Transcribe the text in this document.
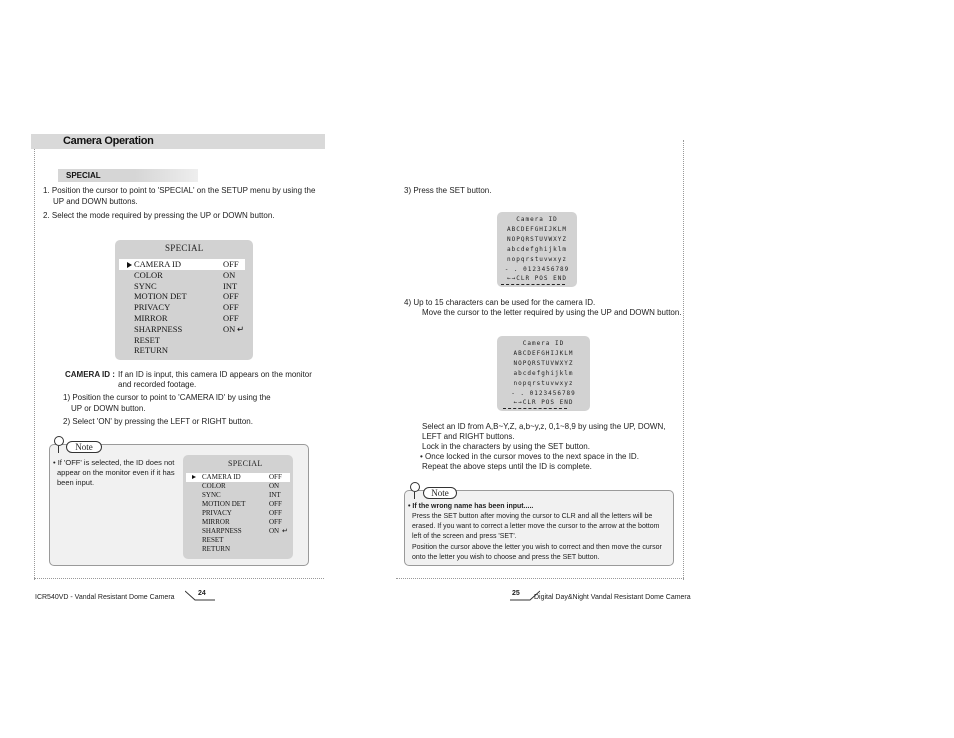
Camera Operation
SPECIAL
1. Position the cursor to point to 'SPECIAL' on the SETUP menu by using the
UP and DOWN buttons.
2. Select the mode required by pressing the UP or DOWN button.
SPECIAL
CAMERA ID	OFF
COLOR	ON
SYNC	INT
MOTION DET	OFF
PRIVACY	OFF
MIRROR	OFF
SHARPNESS	ON ↵
RESET
RETURN
CAMERA ID : If an ID is input, this camera ID appears on the monitor
and recorded footage.
1) Position the cursor to point to 'CAMERA ID' by using the
UP or DOWN button.
2) Select 'ON' by pressing the LEFT or RIGHT button.
Note
• If 'OFF' is selected, the ID does not
appear on the monitor even if it has
been input.
SPECIAL
CAMERA ID	OFF
COLOR	ON
SYNC	INT
MOTION DET	OFF
PRIVACY	OFF
MIRROR	OFF
SHARPNESS	ON ↵
RESET
RETURN
ICR540VD - Vandal Resistant Dome Camera
24
3) Press the SET button.
Camera ID
ABCDEFGHIJKLM
NOPQRSTUVWXYZ
abcdefghijklm
nopqrstuvwxyz
- . 0123456789
←→CLR POS END
4) Up to 15 characters can be used for the camera ID.
Move the cursor to the letter required by using the UP and DOWN button.
Camera ID
ABCDEFGHIJKLM
NOPQRSTUVWXYZ
abcdefghijklm
nopqrstuvwxyz
- . 0123456789
←→CLR POS END
Select an ID from A,B~Y,Z, a,b~y,z, 0,1~8,9 by using the UP, DOWN,
LEFT and RIGHT buttons.
Lock in the characters by using the SET button.
• Once locked in the cursor moves to the next space in the ID.
Repeat the above steps until the ID is complete.
Note
• If the wrong name has been input.....
Press the SET button after moving the cursor to CLR and all the letters will be
erased. If you want to correct a letter move the cursor to the arrow at the bottom
left of the screen and press 'SET'.
Position the cursor above the letter you wish to correct and then move the cursor
onto the letter you wish to choose and press the SET button.
25
Digital Day&Night Vandal Resistant Dome Camera
